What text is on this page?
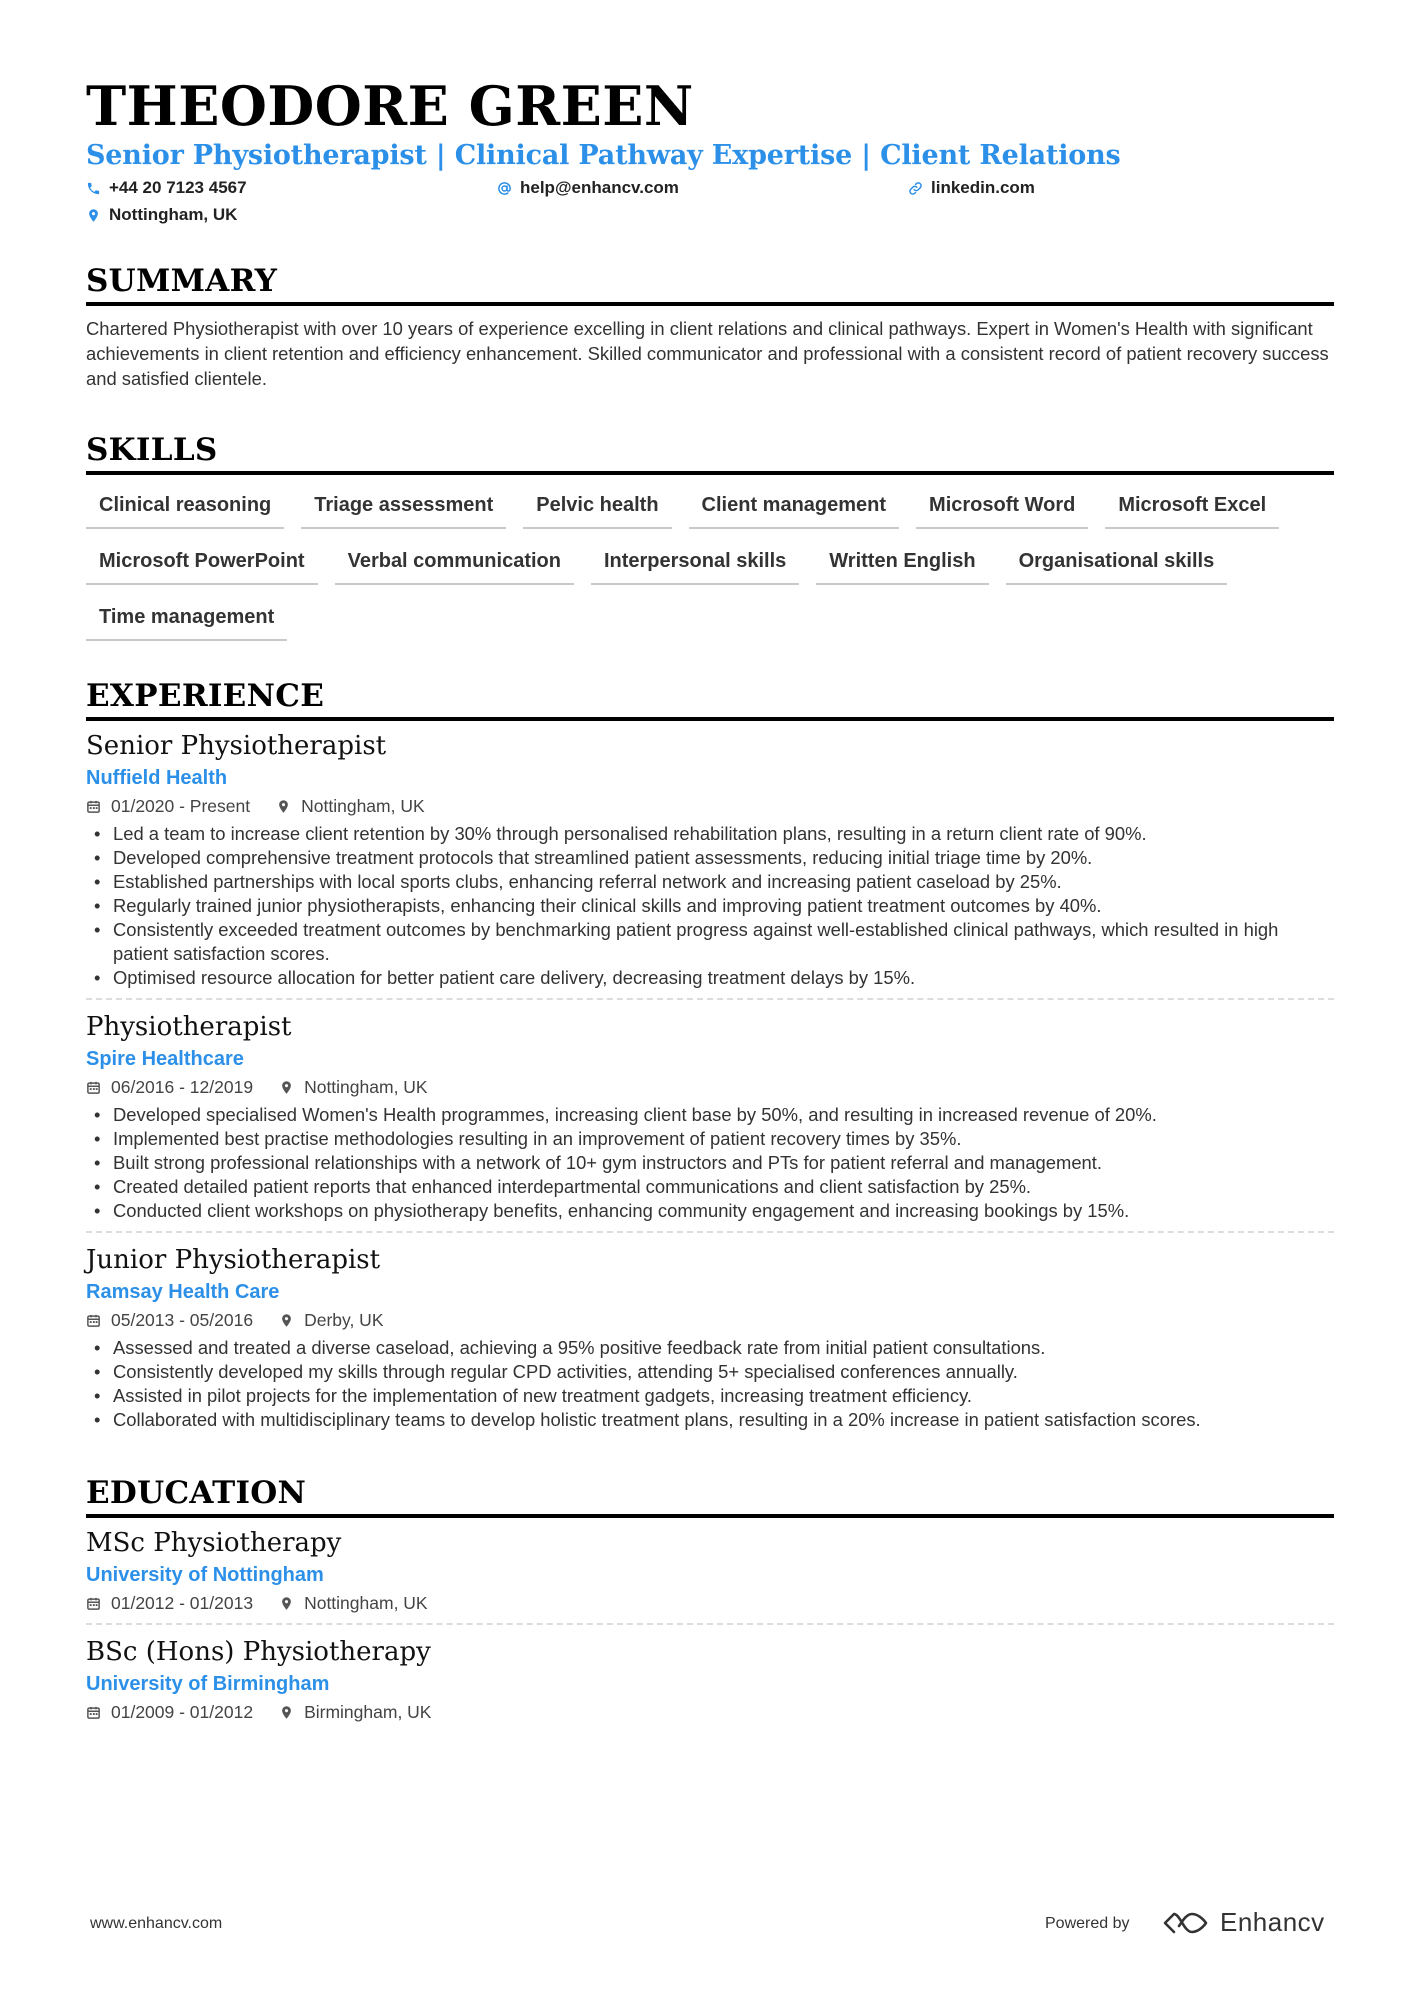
THEODORE GREEN
Senior Physiotherapist | Clinical Pathway Expertise | Client Relations
+44 20 7123 4567	help@enhancv.com	linkedin.com
Nottingham, UK
SUMMARY
Chartered Physiotherapist with over 10 years of experience excelling in client relations and clinical pathways. Expert in Women's Health with significant achievements in client retention and efficiency enhancement. Skilled communicator and professional with a consistent record of patient recovery success and satisfied clientele.
SKILLS
Clinical reasoning	Triage assessment	Pelvic health	Client management	Microsoft Word	Microsoft Excel
Microsoft PowerPoint	Verbal communication	Interpersonal skills	Written English	Organisational skills
Time management
EXPERIENCE
Senior Physiotherapist
Nuffield Health
01/2020 - Present	Nottingham, UK
• Led a team to increase client retention by 30% through personalised rehabilitation plans, resulting in a return client rate of 90%.
• Developed comprehensive treatment protocols that streamlined patient assessments, reducing initial triage time by 20%.
• Established partnerships with local sports clubs, enhancing referral network and increasing patient caseload by 25%.
• Regularly trained junior physiotherapists, enhancing their clinical skills and improving patient treatment outcomes by 40%.
• Consistently exceeded treatment outcomes by benchmarking patient progress against well-established clinical pathways, which resulted in high patient satisfaction scores.
• Optimised resource allocation for better patient care delivery, decreasing treatment delays by 15%.
Physiotherapist
Spire Healthcare
06/2016 - 12/2019	Nottingham, UK
• Developed specialised Women's Health programmes, increasing client base by 50%, and resulting in increased revenue of 20%.
• Implemented best practise methodologies resulting in an improvement of patient recovery times by 35%.
• Built strong professional relationships with a network of 10+ gym instructors and PTs for patient referral and management.
• Created detailed patient reports that enhanced interdepartmental communications and client satisfaction by 25%.
• Conducted client workshops on physiotherapy benefits, enhancing community engagement and increasing bookings by 15%.
Junior Physiotherapist
Ramsay Health Care
05/2013 - 05/2016	Derby, UK
• Assessed and treated a diverse caseload, achieving a 95% positive feedback rate from initial patient consultations.
• Consistently developed my skills through regular CPD activities, attending 5+ specialised conferences annually.
• Assisted in pilot projects for the implementation of new treatment gadgets, increasing treatment efficiency.
• Collaborated with multidisciplinary teams to develop holistic treatment plans, resulting in a 20% increase in patient satisfaction scores.
EDUCATION
MSc Physiotherapy
University of Nottingham
01/2012 - 01/2013	Nottingham, UK
BSc (Hons) Physiotherapy
University of Birmingham
01/2009 - 01/2012	Birmingham, UK
www.enhancv.com	Powered by	Enhancv
